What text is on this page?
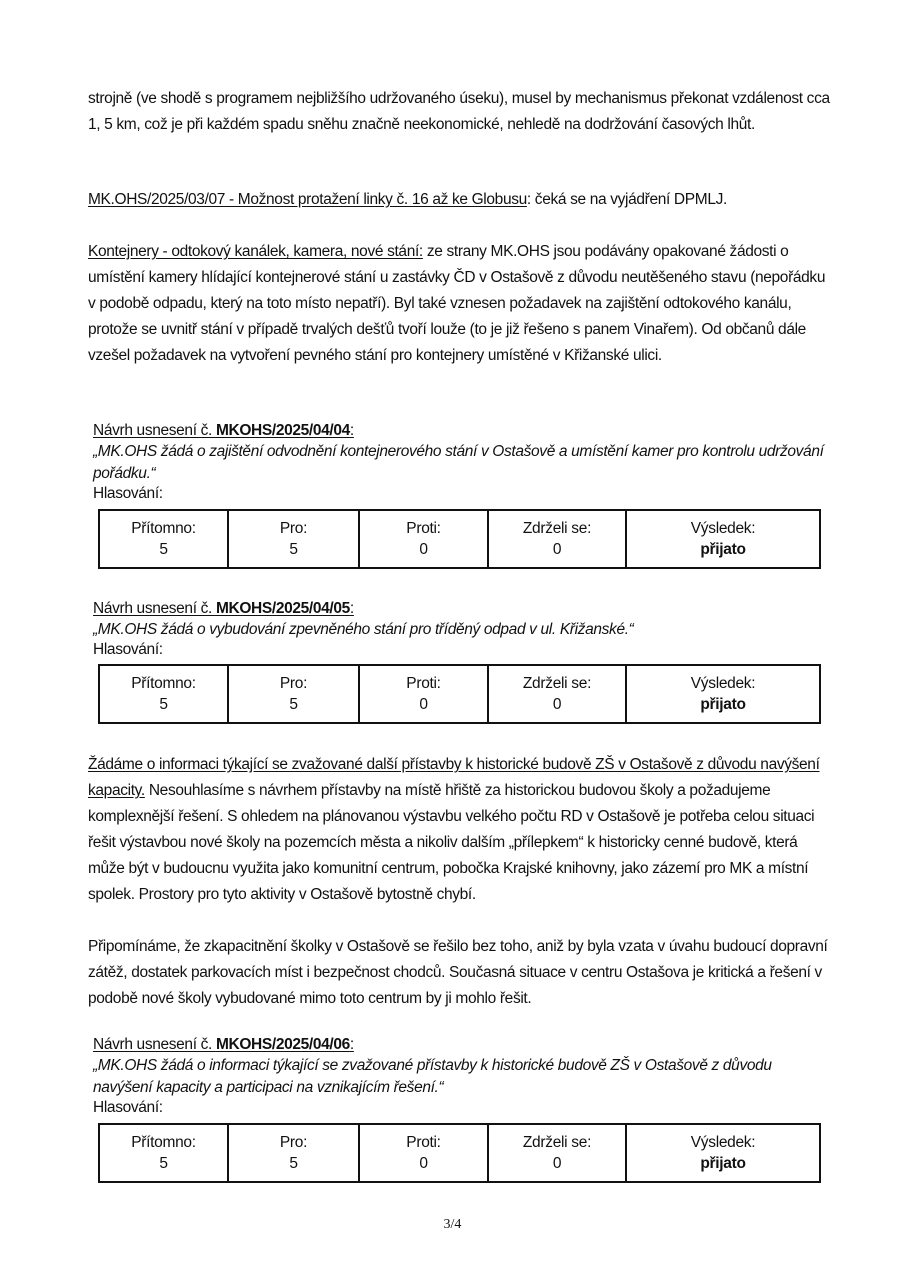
strojně (ve shodě s programem nejbližšího udržovaného úseku), musel by mechanismus překonat vzdálenost cca 1, 5 km, což je při každém spadu sněhu značně neekonomické, nehledě na dodržování časových lhůt.
MK.OHS/2025/03/07 - Možnost protažení linky č. 16 až ke Globusu: čeká se na vyjádření DPMLJ.
Kontejnery - odtokový kanálek, kamera, nové stání: ze strany MK.OHS jsou podávány opakované žádosti o umístění kamery hlídající kontejnerové stání u zastávky ČD v Ostašově z důvodu neutěšeného stavu (nepořádku v podobě odpadu, který na toto místo nepatří). Byl také vznesen požadavek na zajištění odtokového kanálu, protože se uvnitř stání v případě trvalých dešťů tvoří louže (to je již řešeno s panem Vinařem). Od občanů dále vzešel požadavek na vytvoření pevného stání pro kontejnery umístěné v Křižanské ulici.
Návrh usnesení č. MKOHS/2025/04/04:
„MK.OHS žádá o zajištění odvodnění kontejnerového stání v Ostašově a umístění kamer pro kontrolu udržování pořádku.“
Hlasování:
Přítomno:
5

Pro:
5

Proti:
0

Zdrželi se:
0

Výsledek:
přijato
Návrh usnesení č. MKOHS/2025/04/05:
„MK.OHS žádá o vybudování zpevněného stání pro tříděný odpad v ul. Křižanské.“
Hlasování:
Přítomno:
5

Pro:
5

Proti:
0

Zdrželi se:
0

Výsledek:
přijato
Žádáme o informaci týkající se zvažované další přístavby k historické budově ZŠ v Ostašově z důvodu navýšení kapacity. Nesouhlasíme s návrhem přístavby na místě hřiště za historickou budovou školy a požadujeme komplexnější řešení. S ohledem na plánovanou výstavbu velkého počtu RD v Ostašově je potřeba celou situaci řešit výstavbou nové školy na pozemcích města a nikoliv dalším „přílepkem“ k historicky cenné budově, která může být v budoucnu využita jako komunitní centrum, pobočka Krajské knihovny, jako zázemí pro MK a místní spolek. Prostory pro tyto aktivity v Ostašově bytostně chybí.
Připomínáme, že zkapacitnění školky v Ostašově se řešilo bez toho, aniž by byla vzata v úvahu budoucí dopravní zátěž, dostatek parkovacích míst i bezpečnost chodců. Současná situace v centru Ostašova je kritická a řešení v podobě nové školy vybudované mimo toto centrum by ji mohlo řešit.
Návrh usnesení č. MKOHS/2025/04/06:
„MK.OHS žádá o informaci týkající se zvažované přístavby k historické budově ZŠ v Ostašově z důvodu navýšení kapacity a participaci na vznikajícím řešení.“
Hlasování:
Přítomno:
5

Pro:
5

Proti:
0

Zdrželi se:
0

Výsledek:
přijato
3/4
